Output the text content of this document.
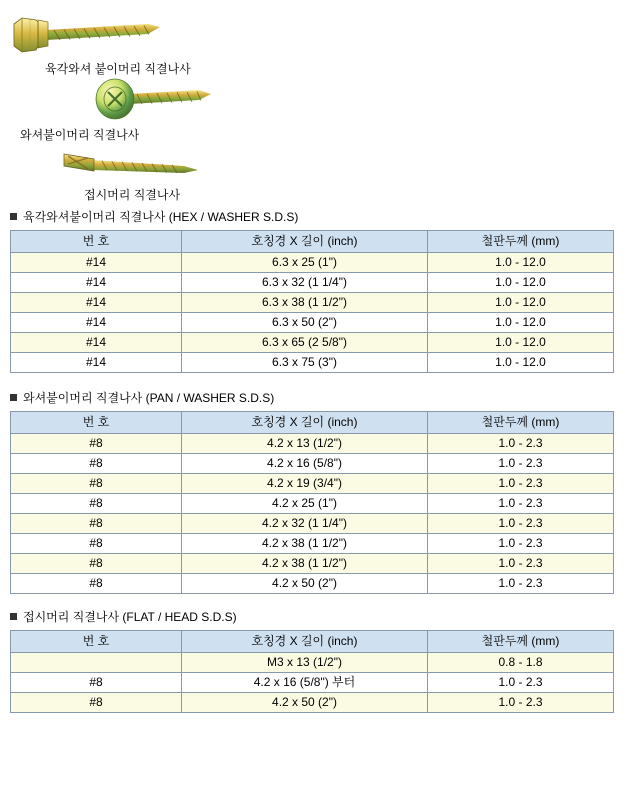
육각와셔 붙이머리 직결나사
와셔붙이머리 직결나사
접시머리 직결나사
육각와셔붙이머리 직결나사 (HEX / WASHER S.D.S)
번 호	호칭경 X 길이 (inch)	철판두께 (mm)
#14	6.3 x 25 (1")	1.0 - 12.0
#14	6.3 x 32 (1 1/4")	1.0 - 12.0
#14	6.3 x 38 (1 1/2")	1.0 - 12.0
#14	6.3 x 50 (2")	1.0 - 12.0
#14	6.3 x 65 (2 5/8")	1.0 - 12.0
#14	6.3 x 75 (3")	1.0 - 12.0
와셔붙이머리 직결나사 (PAN / WASHER S.D.S)
번 호	호칭경 X 길이 (inch)	철판두께 (mm)
#8	4.2 x 13 (1/2")	1.0 - 2.3
#8	4.2 x 16 (5/8")	1.0 - 2.3
#8	4.2 x 19 (3/4")	1.0 - 2.3
#8	4.2 x 25 (1")	1.0 - 2.3
#8	4.2 x 32 (1 1/4")	1.0 - 2.3
#8	4.2 x 38 (1 1/2")	1.0 - 2.3
#8	4.2 x 38 (1 1/2")	1.0 - 2.3
#8	4.2 x 50 (2")	1.0 - 2.3
접시머리 직결나사 (FLAT / HEAD S.D.S)
번 호	호칭경 X 길이 (inch)	철판두께 (mm)
	M3 x 13 (1/2")	0.8 - 1.8
#8	4.2 x 16 (5/8") 부터	1.0 - 2.3
#8	4.2 x 50 (2")	1.0 - 2.3
